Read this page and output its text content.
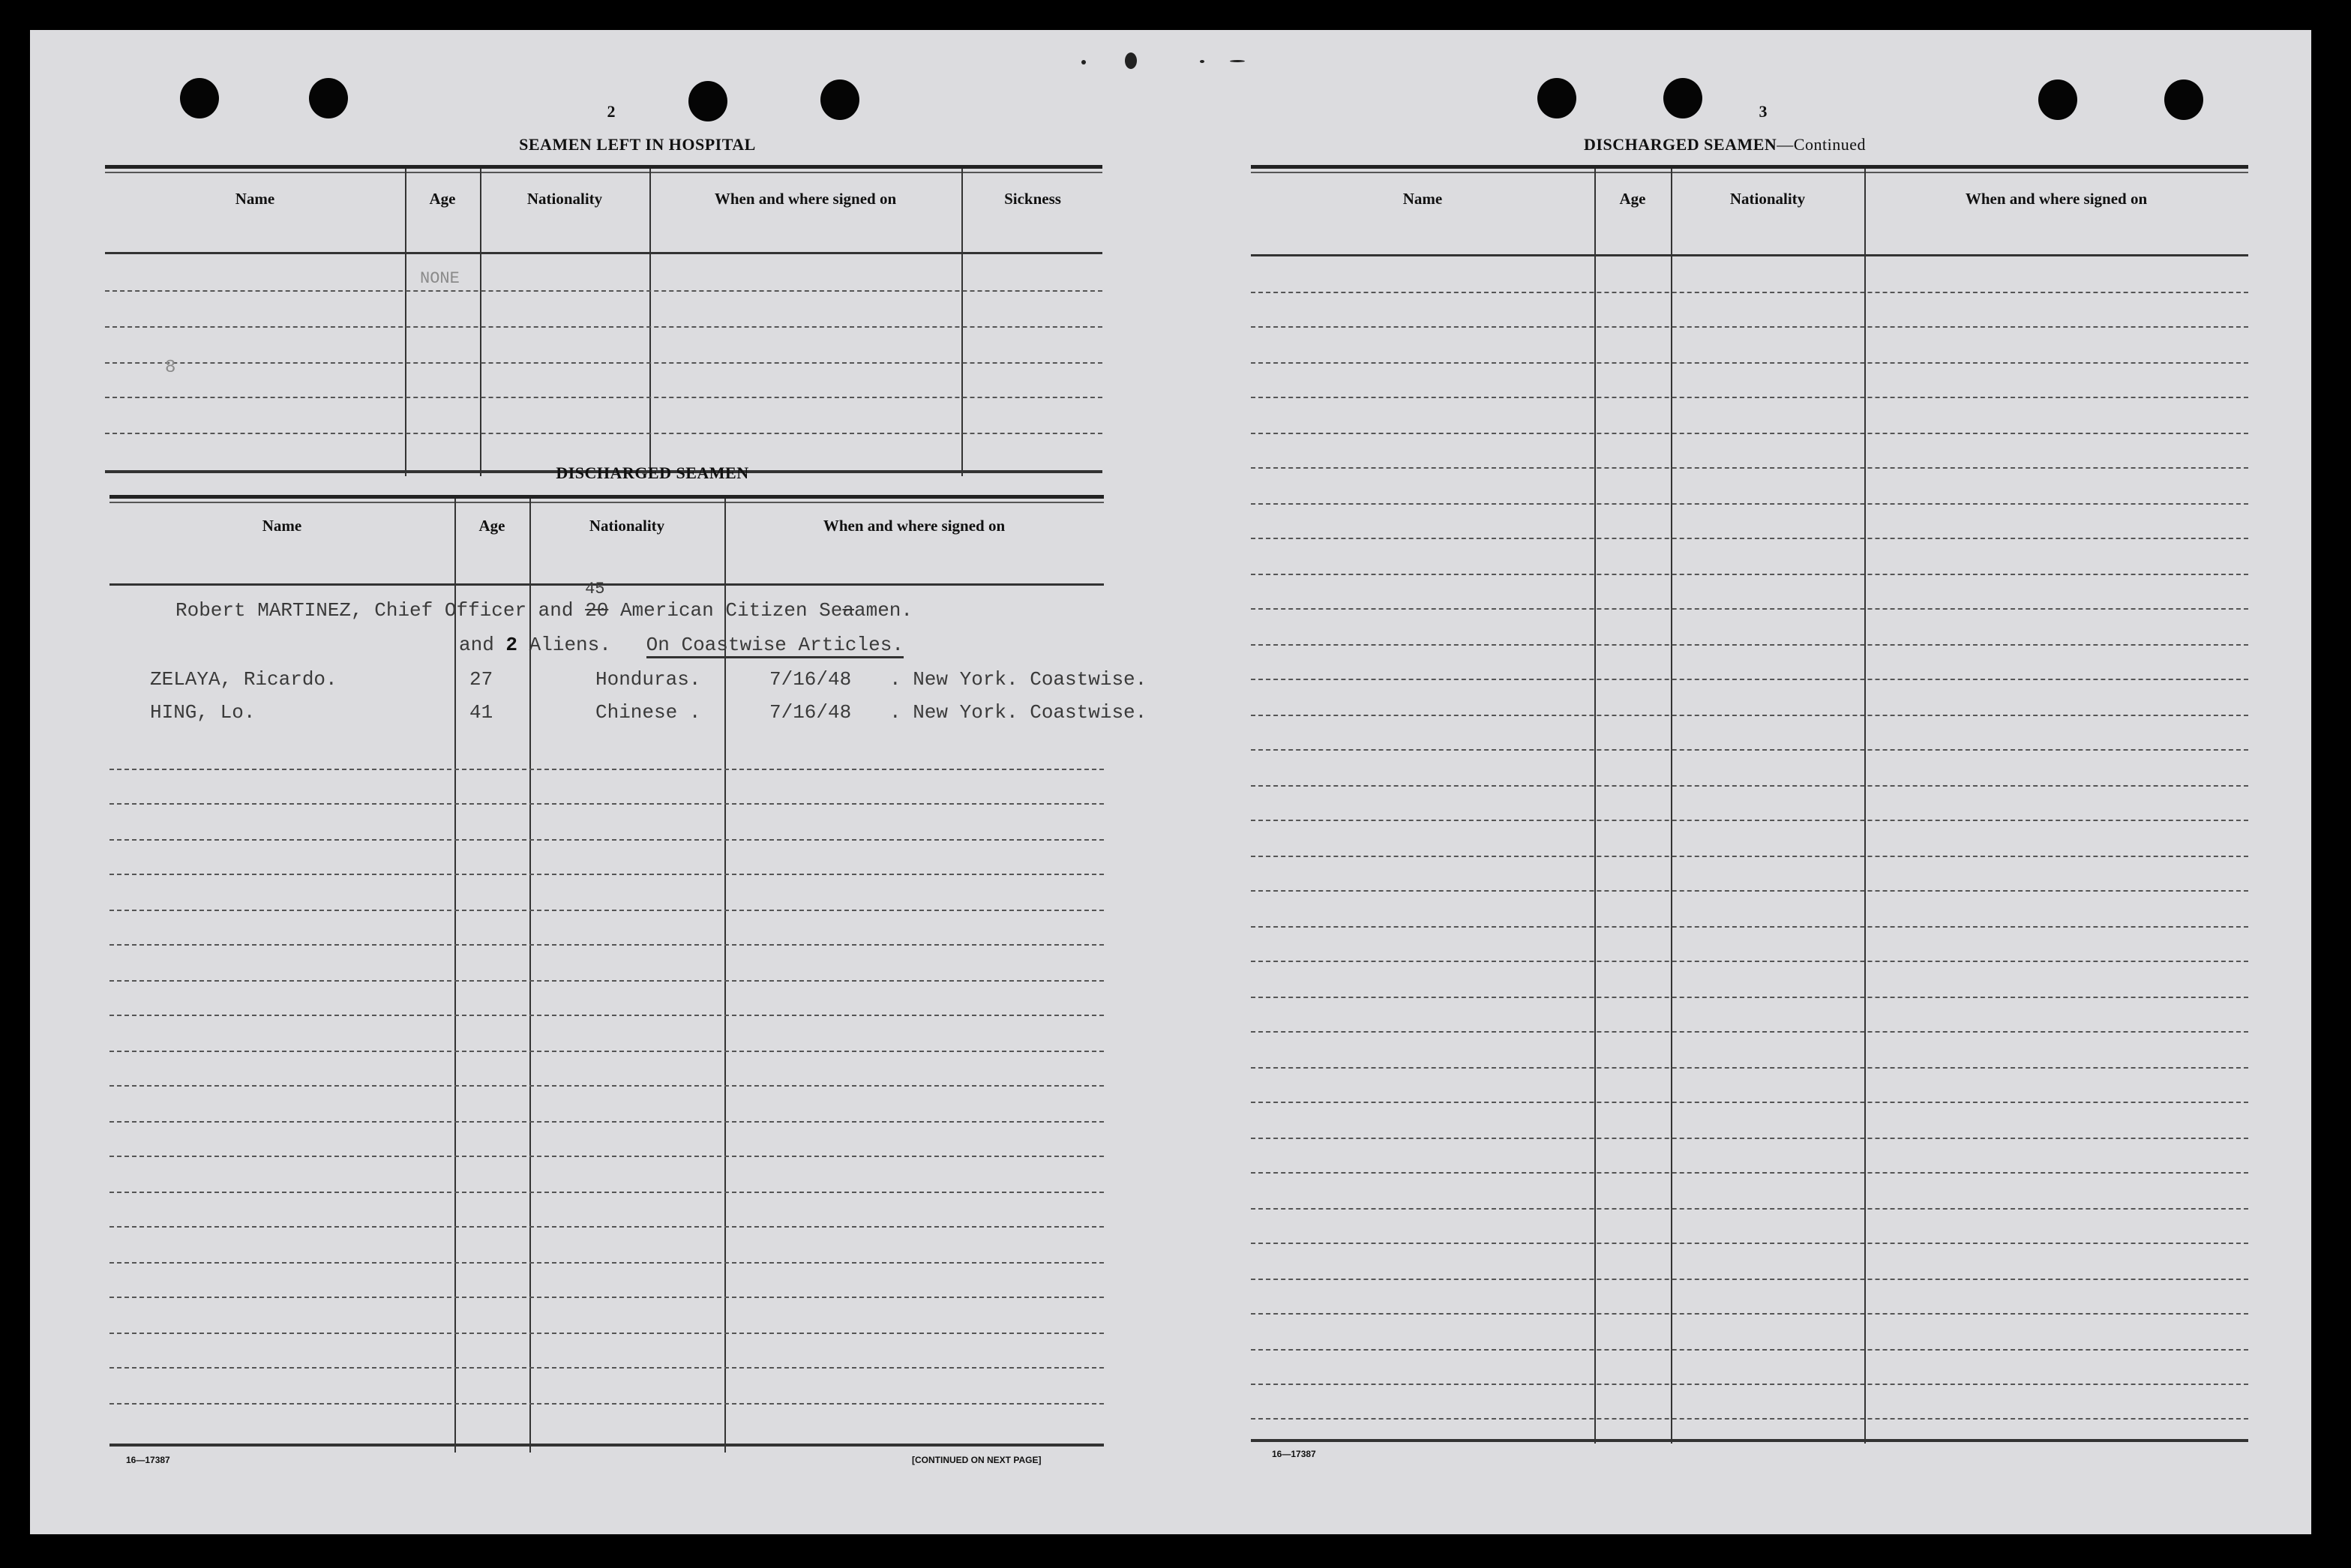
2
SEAMEN LEFT IN HOSPITAL
Name	Age	Nationality	When and where signed on	Sickness
NONE
8
DISCHARGED SEAMEN
Name	Age	Nationality	When and where signed on
Robert MARTINEZ, Chief Officer and 20
45
American Citizen Seaamen.
and 2 Aliens. On Coastwise Articles.
ZELAYA, Ricardo.	27	Honduras.	7/16/48 . New York. Coastwise.
HING, Lo.	41	Chinese .	7/16/48 . New York. Coastwise.
16—17387	[CONTINUED ON NEXT PAGE]
3
DISCHARGED SEAMEN—Continued
Name	Age	Nationality	When and where signed on
16—17387
